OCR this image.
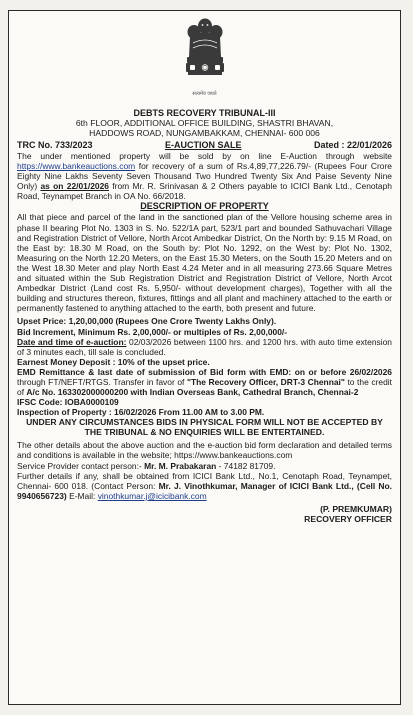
सत्यमेव जयते
DEBTS RECOVERY TRIBUNAL-III
6th FLOOR, ADDITIONAL OFFICE BUILDING, SHASTRI BHAVAN,
HADDOWS ROAD, NUNGAMBAKKAM, CHENNAI- 600 006
TRC No. 733/2023	E-AUCTION SALE	Dated : 22/01/2026

The under mentioned property will be sold by on line E-Auction through website https://www.bankeauctions.com for recovery of a sum of Rs.4,89,77,226.79/- (Rupees Four Crore Eighty Nine Lakhs Seventy Seven Thousand Two Hundred Twenty Six And Paise Seventy Nine Only) as on 22/01/2026 from Mr. R. Srinivasan & 2 Others payable to ICICI Bank Ltd., Cenotaph Road, Teynampet Branch in OA No. 66/2018.

DESCRIPTION OF PROPERTY

All that piece and parcel of the land in the sanctioned plan of the Vellore housing scheme area in phase II bearing Plot No. 1303 in S. No. 522/1A part, 523/1 part and bounded Sathuvachari Village and Registration District of Vellore, North Arcot Ambedkar District, On the North by: 9.15 M Road, on the East by: 18.30 M Road, on the South by: Plot No. 1292, on the West by: Plot No. 1302, Measuring on the North 12.20 Meters, on the East 15.30 Meters, on the South 15.20 Meters and on the West 18.30 Meter and play North East 4.24 Meter and in all measuring 273.66 Square Metres and situated within the Sub Registration District and Registration District of Vellore, North Arcot Ambedkar District (Land cost Rs. 5,950/- without development charges), Together with all the building and structures thereon, fixtures, fittings and all plant and machinery attached to the earth or permanently fastened to anything attached to the earth, both present and future.

Upset Price: 1,20,00,000 (Rupees One Crore Twenty Lakhs Only).

Bid Increment, Minimum Rs. 2,00,000/- or multiples of Rs. 2,00,000/-

Date and time of e-auction: 02/03/2026 between 1100 hrs. and 1200 hrs. with auto time extension of 3 minutes each, till sale is concluded.

Earnest Money Deposit : 10% of the upset price.

EMD Remittance & last date of submission of Bid form with EMD: on or before 26/02/2026 through FT/NEFT/RTGS. Transfer in favor of "The Recovery Officer, DRT-3 Chennai" to the credit of A/c No. 163302000000200 with Indian Overseas Bank, Cathedral Branch, Chennai-2

IFSC Code: IOBA0000109

Inspection of Property : 16/02/2026 From 11.00 AM to 3.00 PM.

UNDER ANY CIRCUMSTANCES BIDS IN PHYSICAL FORM WILL NOT BE ACCEPTED BY THE TRIBUNAL & NO ENQUIRIES WILL BE ENTERTAINED.

The other details about the above auction and the e-auction bid form declaration and detailed terms and conditions is available in the website; https://www.bankeauctions.com

Service Provider contact person:- Mr. M. Prabakaran - 74182 81709.

Further details if any, shall be obtained from ICICI Bank Ltd., No.1, Cenotaph Road, Teynampet, Chennai- 600 018. (Contact Person: Mr. J. Vinothkumar, Manager of ICICI Bank Ltd., (Cell No. 9940656723) E-Mail: vinothkumar.j@icicibank.com

(P. PREMKUMAR)
RECOVERY OFFICER
